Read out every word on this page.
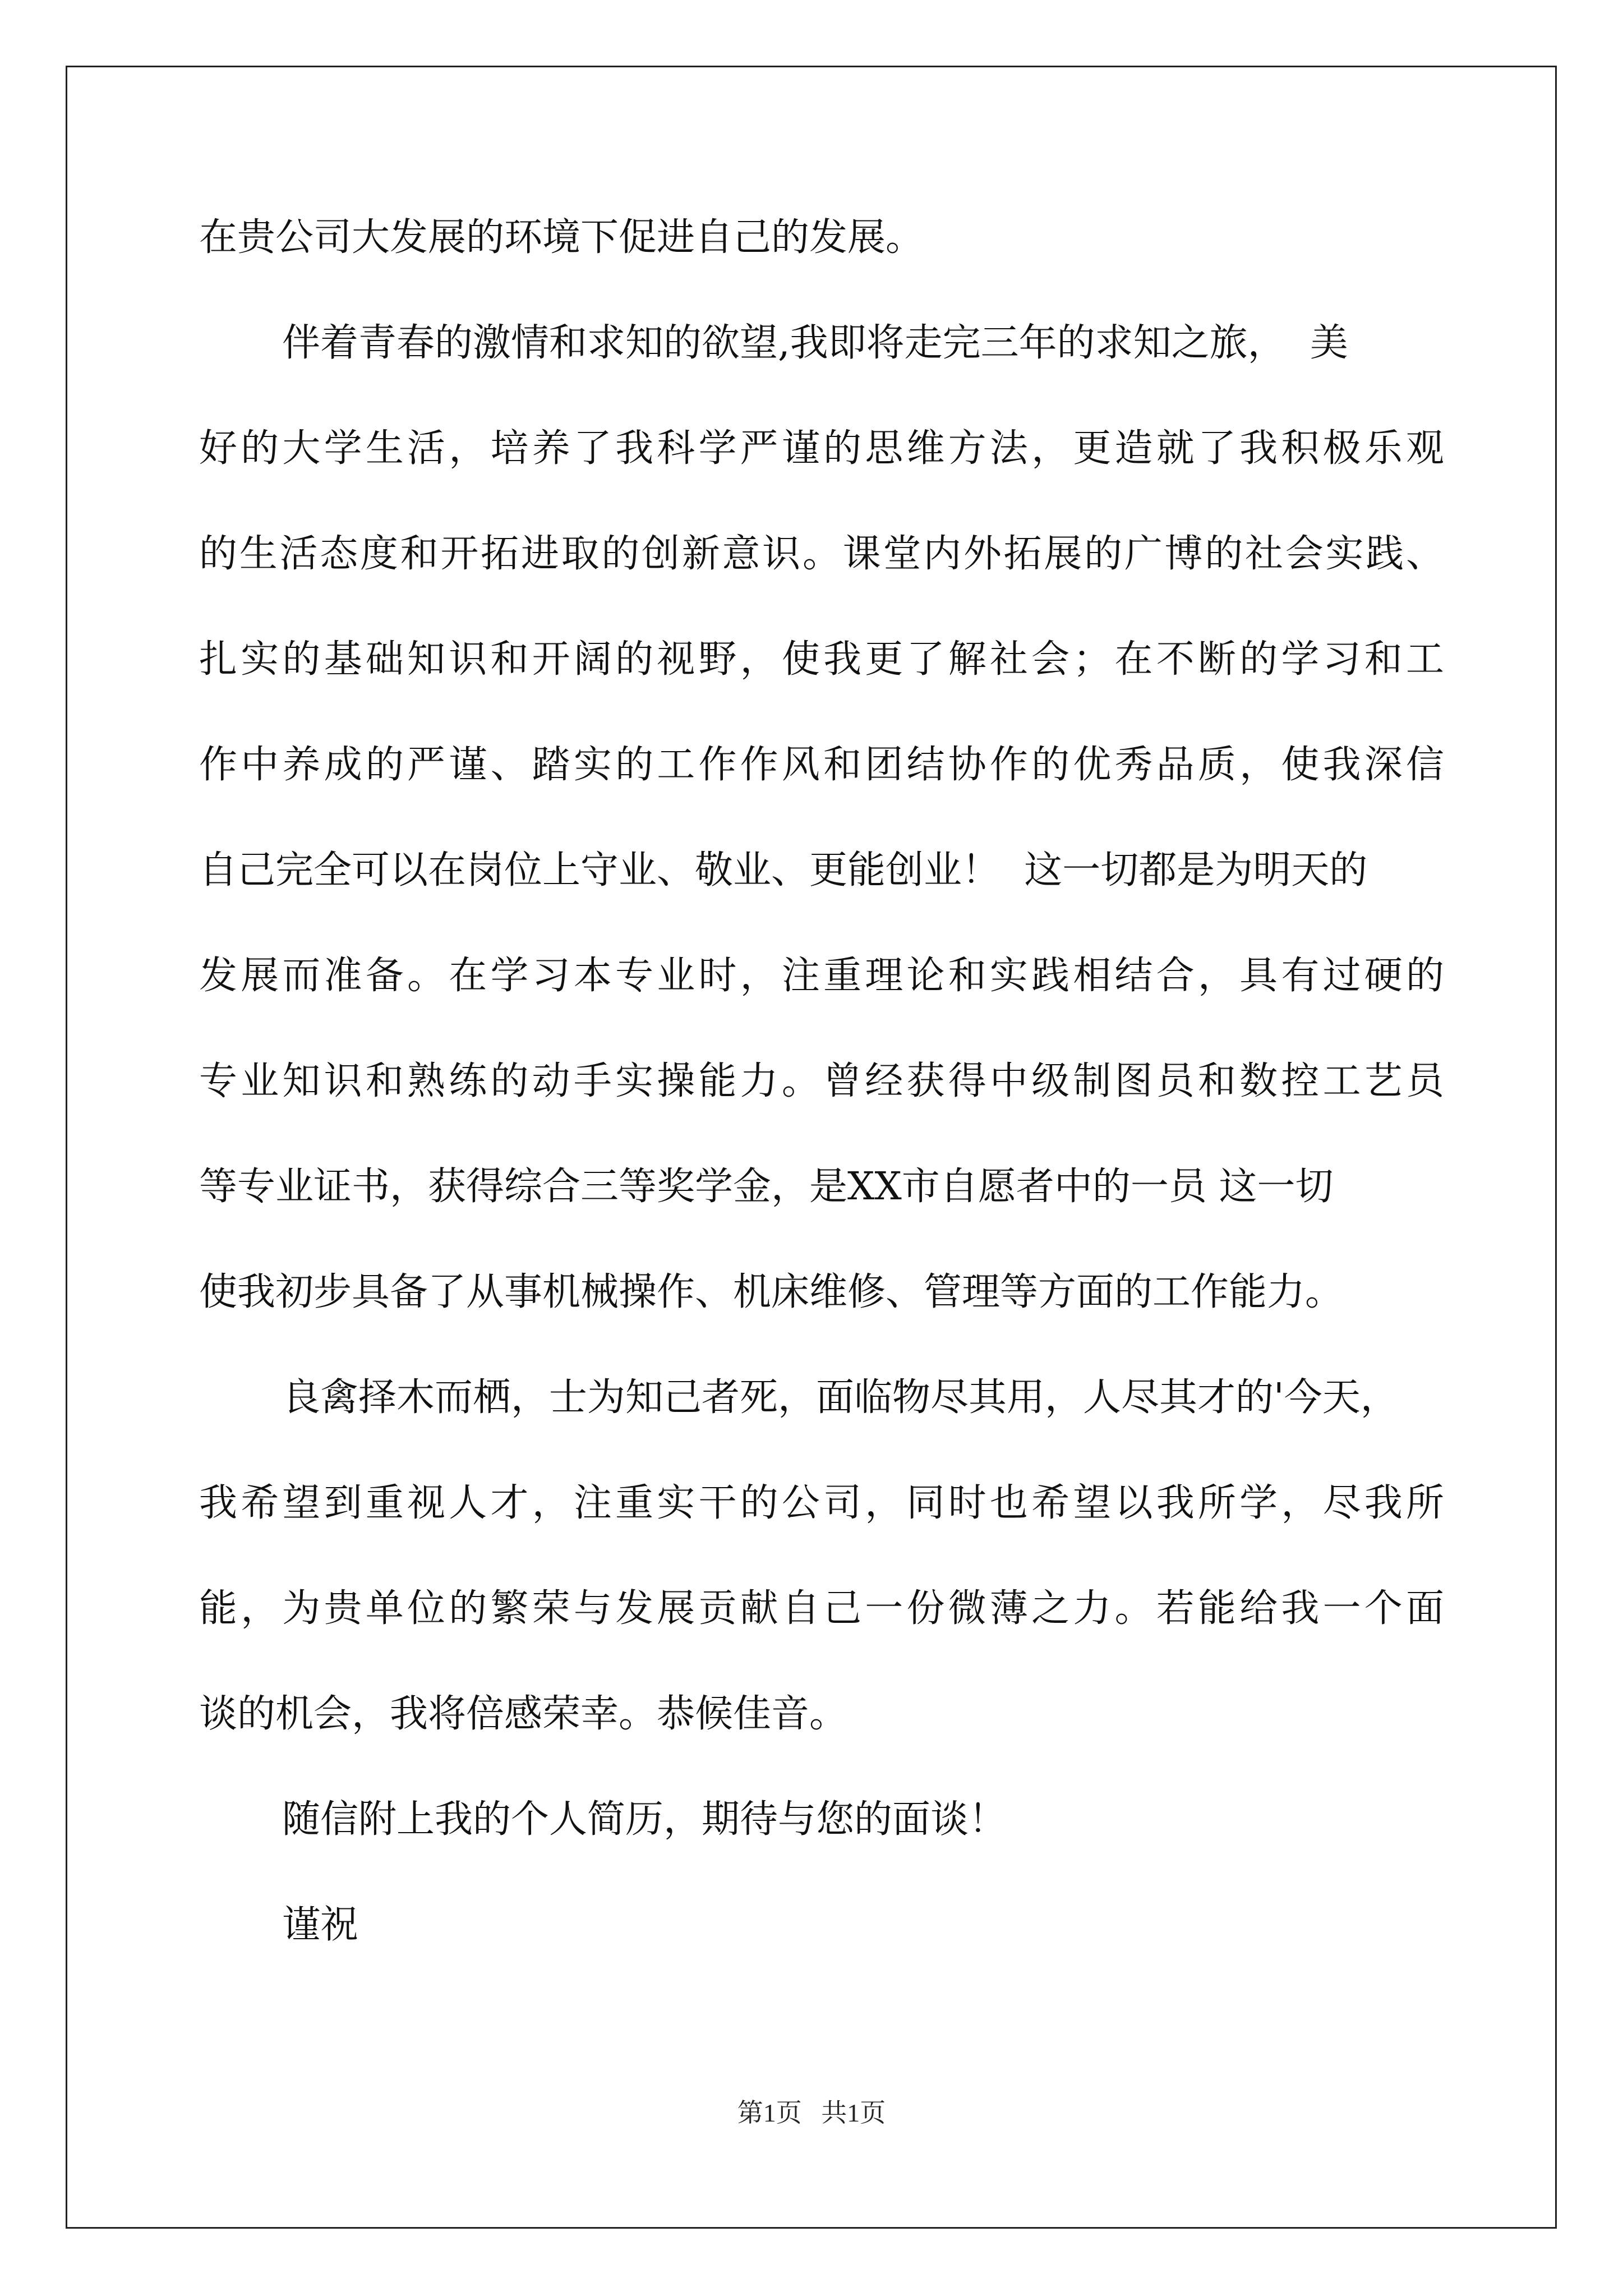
在贵公司大发展的环境下促进自己的发展。
伴着青春的激情和求知的欲望,我即将走完三年的求知之旅，  美
好的大学生活，培养了我科学严谨的思维方法，更造就了我积极乐观
的生活态度和开拓进取的创新意识。课堂内外拓展的广博的社会实践、
扎实的基础知识和开阔的视野，使我更了解社会；在不断的学习和工
作中养成的严谨、踏实的工作作风和团结协作的优秀品质，使我深信
自己完全可以在岗位上守业、敬业、更能创业！  这一切都是为明天的
发展而准备。在学习本专业时，注重理论和实践相结合，具有过硬的
专业知识和熟练的动手实操能力。曾经获得中级制图员和数控工艺员
等专业证书，获得综合三等奖学金，是XX市自愿者中的一员 这一切
使我初步具备了从事机械操作、机床维修、管理等方面的工作能力。
良禽择木而栖，士为知己者死，面临物尽其用，人尽其才的'今天，
我希望到重视人才，注重实干的公司，同时也希望以我所学，尽我所
能，为贵单位的繁荣与发展贡献自己一份微薄之力。若能给我一个面
谈的机会，我将倍感荣幸。恭候佳音。
随信附上我的个人简历，期待与您的面谈！
谨祝
第1页   共1页
